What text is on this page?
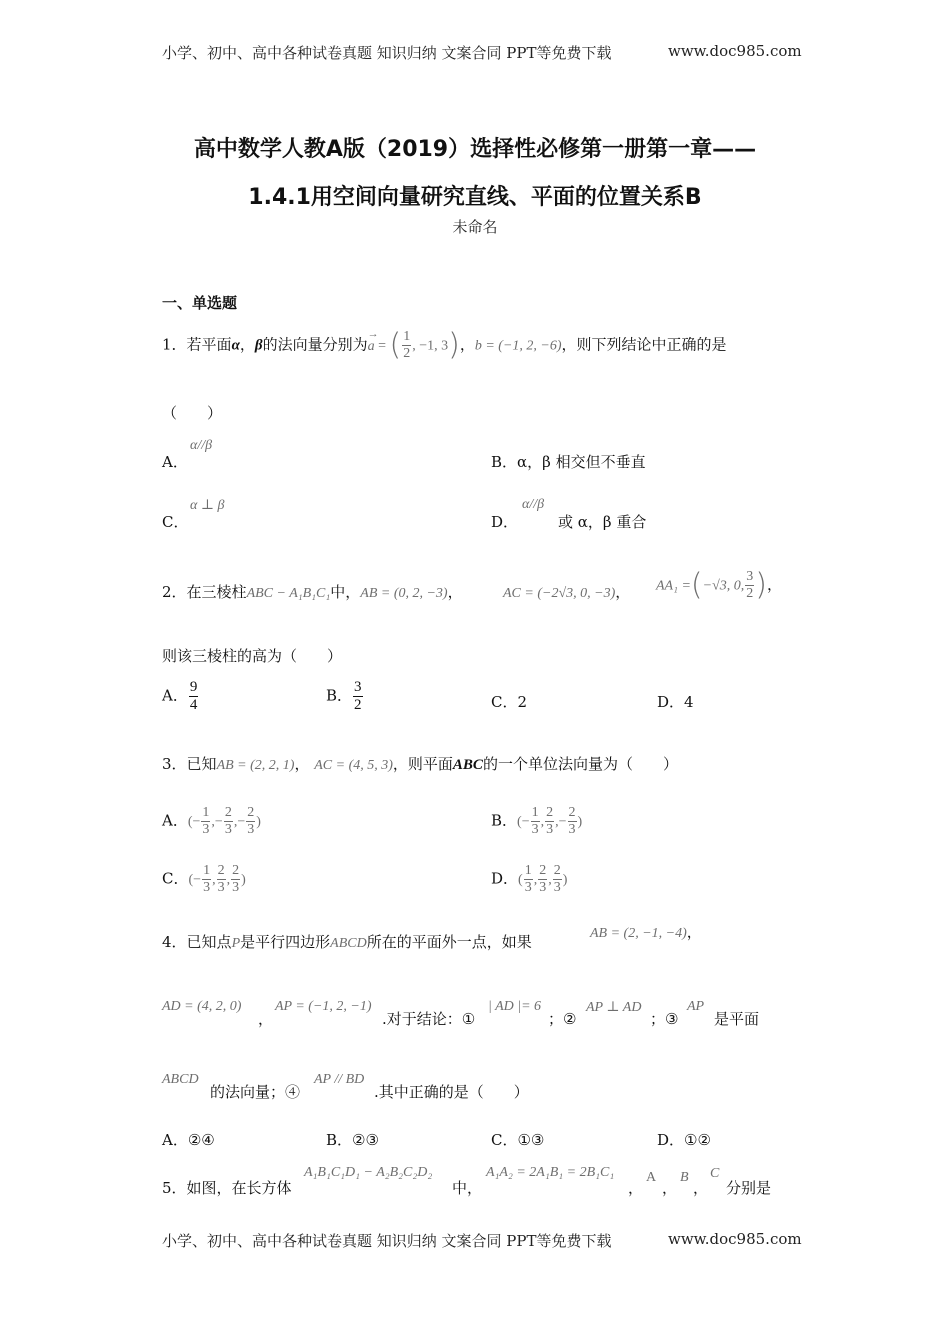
小学、初中、高中各种试卷真题 知识归纳 文案合同 PPT等免费下载	www.doc985.com
高中数学人教A版（2019）选择性必修第一册第一章——
1.4.1用空间向量研究直线、平面的位置关系B
未命名
一、单选题
1．若平面α，β的法向量分别为
→
a = ( $\frac{1}{2}$ , −1, 3)，b = (−1, 2, −6)，则下列结论中正确的是
（　　）
A．
α//β
B．α，β 相交但不垂直
C．
α ⊥ β
D．
α//β
或 α，β 重合
2．在三棱柱ABC − A₁B₁C₁中，AB = (0, 2, −3)，	AC = (−2√3, 0, −3)， AA₁ =(−√3, 0, $\frac{3}{2}$ )，
则该三棱柱的高为（　　）
A． $\frac{9}{4}$	B． $\frac{3}{2}$	C．2	D．4
3．已知AB = (2, 2, 1)， AC = (4, 5, 3)，则平面ABC的一个单位法向量为（　　）
A．(− $\frac{1}{3}$ ,− $\frac{2}{3}$ ,− $\frac{2}{3}$ )	B．(− $\frac{1}{3}$ , $\frac{2}{3}$ ,− $\frac{2}{3}$ )
C．(− $\frac{1}{3}$ , $\frac{2}{3}$ , $\frac{2}{3}$ )	D．( $\frac{1}{3}$ , $\frac{2}{3}$ , $\frac{2}{3}$ )
4．已知点P是平行四边形ABCD所在的平面外一点，如果	AB = (2, −1, −4)，
AD = (4, 2, 0)
，
AP = (−1, 2, −1)
.对于结论：①
| AD |= 6
；②
AP ⊥ AD
；③
AP
是平面
ABCD
的法向量；④
AP // BD
.其中正确的是（　　）
A．②④	B．②③	C．①③	D．①②
5．如图，在长方体
A₁B₁C₁D₁ − A₂B₂C₂D₂
中，
A₁A₂ = 2A₁B₁ = 2B₁C₁
，
A
，
B
，
C
分别是
小学、初中、高中各种试卷真题 知识归纳 文案合同 PPT等免费下载	www.doc985.com
